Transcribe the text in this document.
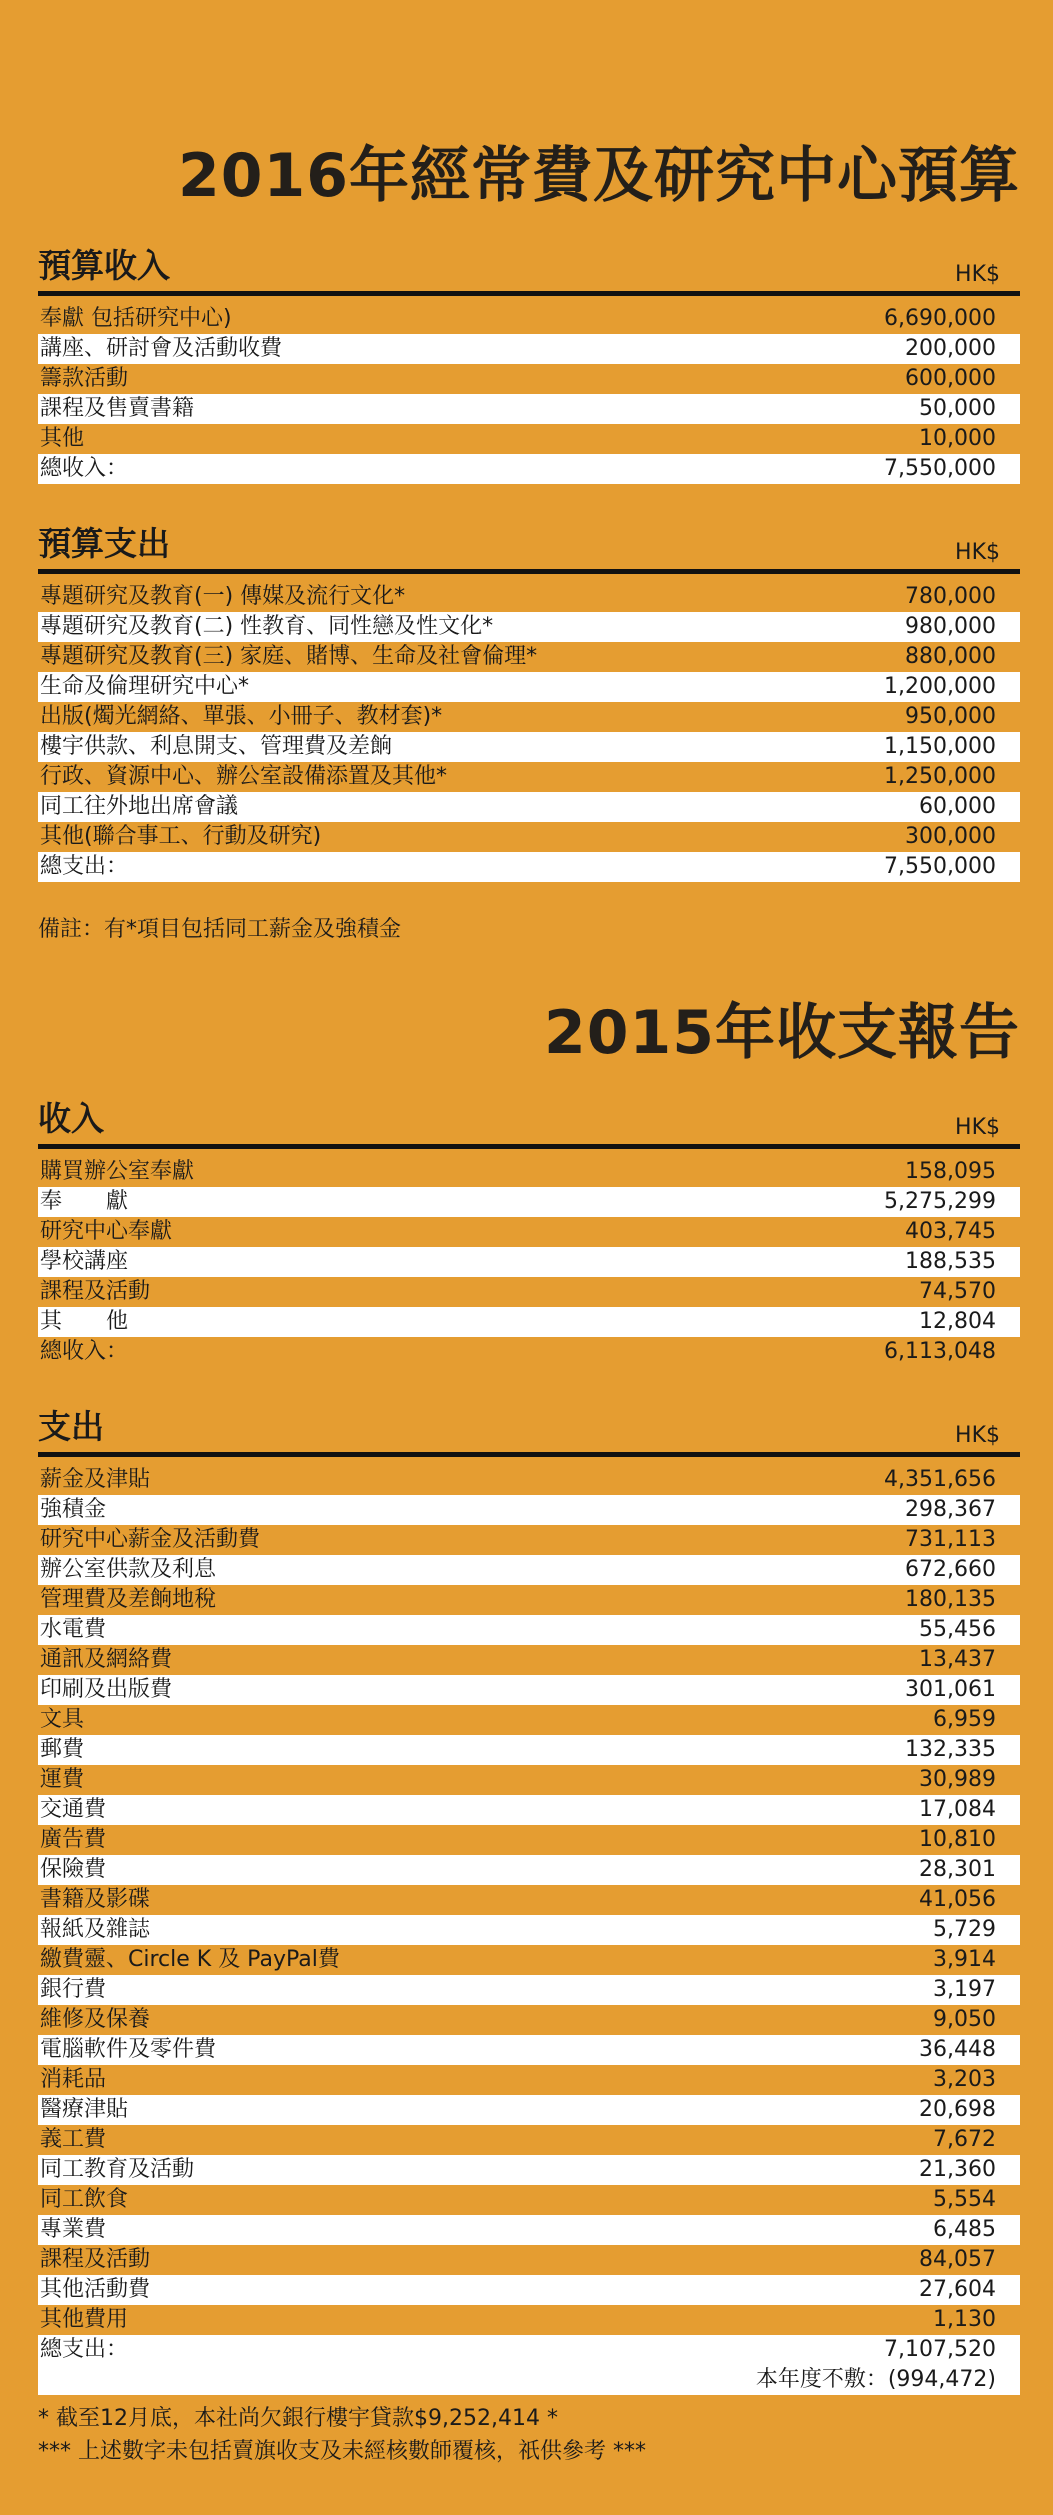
2016年經常費及研究中心預算
預算收入	HK$
奉獻 包括研究中心)	6,690,000
講座、研討會及活動收費	200,000
籌款活動	600,000
課程及售賣書籍	50,000
其他	10,000
總收入：	7,550,000
預算支出	HK$
專題研究及教育(一) 傳媒及流行文化*	780,000
專題研究及教育(二) 性教育、同性戀及性文化*	980,000
專題研究及教育(三) 家庭、賭博、生命及社會倫理*	880,000
生命及倫理研究中心*	1,200,000
出版(燭光網絡、單張、小冊子、教材套)*	950,000
樓宇供款、利息開支、管理費及差餉	1,150,000
行政、資源中心、辦公室設備添置及其他*	1,250,000
同工往外地出席會議	60,000
其他(聯合事工、行動及研究)	300,000
總支出：	7,550,000
備註：有*項目包括同工薪金及強積金
2015年收支報告
收入	HK$
購買辦公室奉獻	158,095
奉　　獻	5,275,299
研究中心奉獻	403,745
學校講座	188,535
課程及活動	74,570
其　　他	12,804
總收入：	6,113,048
支出	HK$
薪金及津貼	4,351,656
強積金	298,367
研究中心薪金及活動費	731,113
辦公室供款及利息	672,660
管理費及差餉地稅	180,135
水電費	55,456
通訊及網絡費	13,437
印刷及出版費	301,061
文具	6,959
郵費	132,335
運費	30,989
交通費	17,084
廣告費	10,810
保險費	28,301
書籍及影碟	41,056
報紙及雜誌	5,729
繳費靈、Circle K 及 PayPal費	3,914
銀行費	3,197
維修及保養	9,050
電腦軟件及零件費	36,448
消耗品	3,203
醫療津貼	20,698
義工費	7,672
同工教育及活動	21,360
同工飲食	5,554
專業費	6,485
課程及活動	84,057
其他活動費	27,604
其他費用	1,130
總支出：	7,107,520
本年度不敷：(994,472)
* 截至12月底，本社尚欠銀行樓宇貸款$9,252,414 *
*** 上述數字未包括賣旗收支及未經核數師覆核，祇供參考 ***
